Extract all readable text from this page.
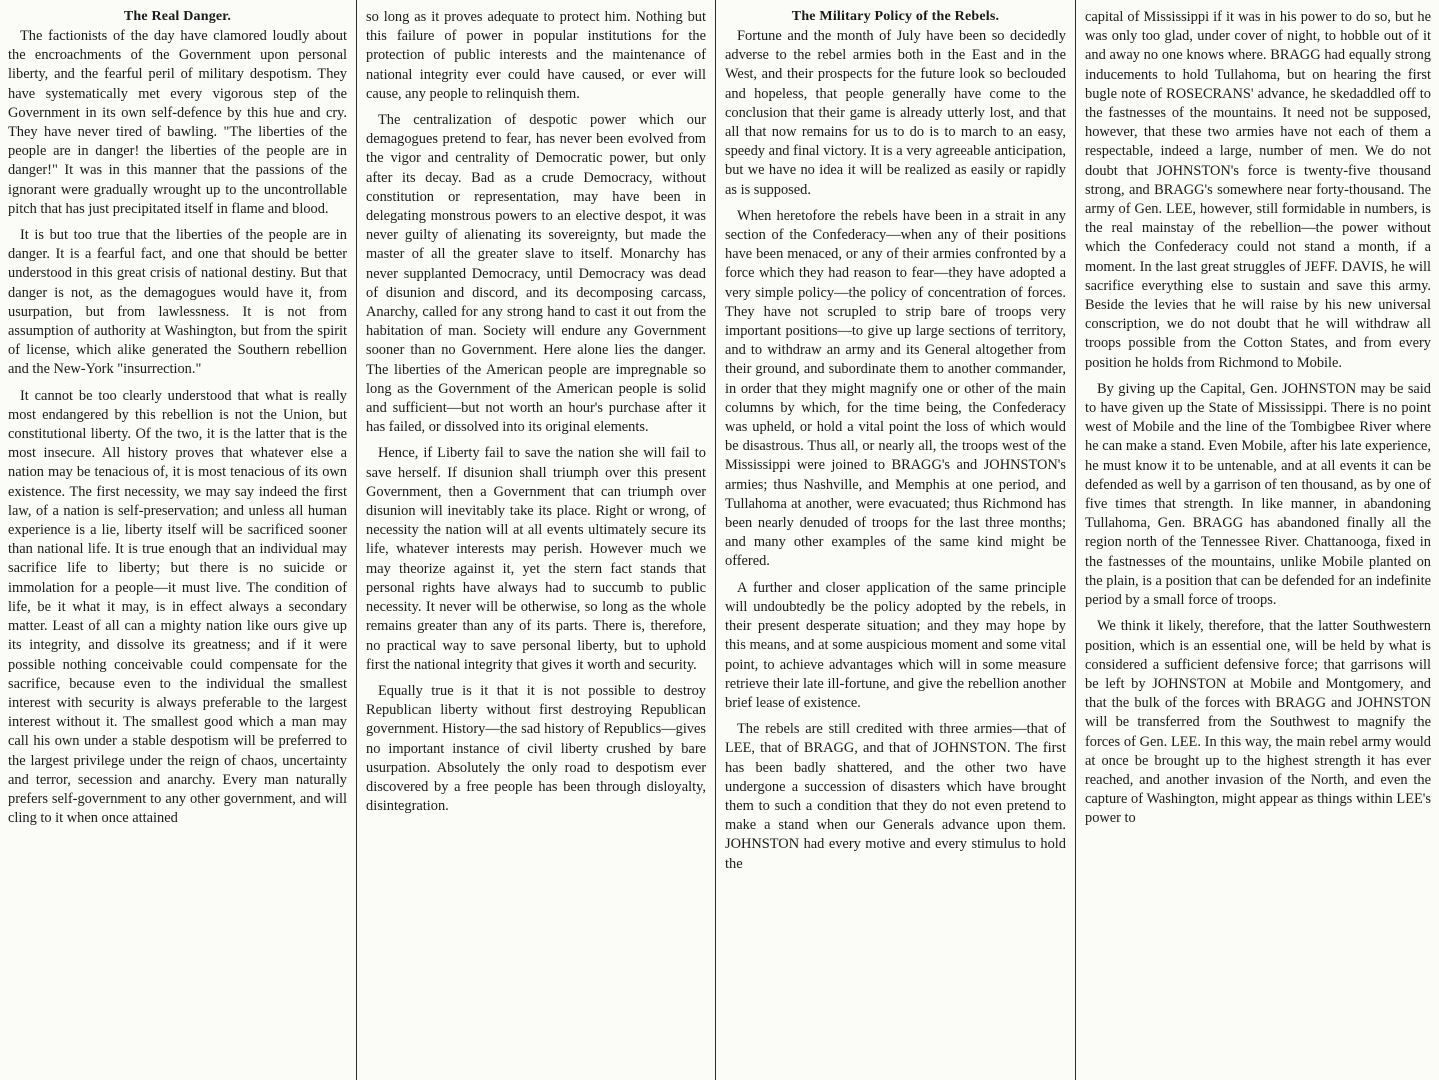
The Real Danger.

The factionists of the day have clamored loudly about the encroachments of the Government upon personal liberty, and the fearful peril of military despotism. They have systematically met every vigorous step of the Government in its own self-defence by this hue and cry. They have never tired of bawling. "The liberties of the people are in danger! the liberties of the people are in danger!" It was in this manner that the passions of the ignorant were gradually wrought up to the uncontrollable pitch that has just precipitated itself in flame and blood.

It is but too true that the liberties of the people are in danger. It is a fearful fact, and one that should be better understood in this great crisis of national destiny. But that danger is not, as the demagogues would have it, from usurpation, but from lawlessness. It is not from assumption of authority at Washington, but from the spirit of license, which alike generated the Southern rebellion and the New-York "insurrection."

It cannot be too clearly understood that what is really most endangered by this rebellion is not the Union, but constitutional liberty. Of the two, it is the latter that is the most insecure. All history proves that whatever else a nation may be tenacious of, it is most tenacious of its own existence. The first necessity, we may say indeed the first law, of a nation is self-preservation; and unless all human experience is a lie, liberty itself will be sacrificed sooner than national life. It is true enough that an individual may sacrifice life to liberty; but there is no suicide or immolation for a people—it must live. The condition of life, be it what it may, is in effect always a secondary matter. Least of all can a mighty nation like ours give up its integrity, and dissolve its greatness; and if it were possible nothing conceivable could compensate for the sacrifice, because even to the individual the smallest interest with security is always preferable to the largest interest without it. The smallest good which a man may call his own under a stable despotism will be preferred to the largest privilege under the reign of chaos, uncertainty and terror, secession and anarchy. Every man naturally prefers self-government to any other government, and will cling to it when once attained

so long as it proves adequate to protect him. Nothing but this failure of power in popular institutions for the protection of public interests and the maintenance of national integrity ever could have caused, or ever will cause, any people to relinquish them.

The centralization of despotic power which our demagogues pretend to fear, has never been evolved from the vigor and centrality of Democratic power, but only after its decay. Bad as a crude Democracy, without constitution or representation, may have been in delegating monstrous powers to an elective despot, it was never guilty of alienating its sovereignty, but made the master of all the greater slave to itself. Monarchy has never supplanted Democracy, until Democracy was dead of disunion and discord, and its decomposing carcass, Anarchy, called for any strong hand to cast it out from the habitation of man. Society will endure any Government sooner than no Government. Here alone lies the danger. The liberties of the American people are impregnable so long as the Government of the American people is solid and sufficient—but not worth an hour's purchase after it has failed, or dissolved into its original elements.

Hence, if Liberty fail to save the nation she will fail to save herself. If disunion shall triumph over this present Government, then a Government that can triumph over disunion will inevitably take its place. Right or wrong, of necessity the nation will at all events ultimately secure its life, whatever interests may perish. However much we may theorize against it, yet the stern fact stands that personal rights have always had to succumb to public necessity. It never will be otherwise, so long as the whole remains greater than any of its parts. There is, therefore, no practical way to save personal liberty, but to uphold first the national integrity that gives it worth and security.

Equally true is it that it is not possible to destroy Republican liberty without first destroying Republican government. History—the sad history of Republics—gives no important instance of civil liberty crushed by bare usurpation. Absolutely the only road to despotism ever discovered by a free people has been through disloyalty, disintegration.

The Military Policy of the Rebels.

Fortune and the month of July have been so decidedly adverse to the rebel armies both in the East and in the West, and their prospects for the future look so beclouded and hopeless, that people generally have come to the conclusion that their game is already utterly lost, and that all that now remains for us to do is to march to an easy, speedy and final victory. It is a very agreeable anticipation, but we have no idea it will be realized as easily or rapidly as is supposed.

When heretofore the rebels have been in a strait in any section of the Confederacy—when any of their positions have been menaced, or any of their armies confronted by a force which they had reason to fear—they have adopted a very simple policy—the policy of concentration of forces. They have not scrupled to strip bare of troops very important positions—to give up large sections of territory, and to withdraw an army and its General altogether from their ground, and subordinate them to another commander, in order that they might magnify one or other of the main columns by which, for the time being, the Confederacy was upheld, or hold a vital point the loss of which would be disastrous. Thus all, or nearly all, the troops west of the Mississippi were joined to BRAGG's and JOHNSTON's armies; thus Nashville, and Memphis at one period, and Tullahoma at another, were evacuated; thus Richmond has been nearly denuded of troops for the last three months; and many other examples of the same kind might be offered.

A further and closer application of the same principle will undoubtedly be the policy adopted by the rebels, in their present desperate situation; and they may hope by this means, and at some auspicious moment and some vital point, to achieve advantages which will in some measure retrieve their late ill-fortune, and give the rebellion another brief lease of existence.

The rebels are still credited with three armies—that of LEE, that of BRAGG, and that of JOHNSTON. The first has been badly shattered, and the other two have undergone a succession of disasters which have brought them to such a condition that they do not even pretend to make a stand when our Generals advance upon them. JOHNSTON had every motive and every stimulus to hold the

capital of Mississippi if it was in his power to do so, but he was only too glad, under cover of night, to hobble out of it and away no one knows where. BRAGG had equally strong inducements to hold Tullahoma, but on hearing the first bugle note of ROSECRANS' advance, he skedaddled off to the fastnesses of the mountains. It need not be supposed, however, that these two armies have not each of them a respectable, indeed a large, number of men. We do not doubt that JOHNSTON's force is twenty-five thousand strong, and BRAGG's somewhere near forty-thousand. The army of Gen. LEE, however, still formidable in numbers, is the real mainstay of the rebellion—the power without which the Confederacy could not stand a month, if a moment. In the last great struggles of JEFF. DAVIS, he will sacrifice everything else to sustain and save this army. Beside the levies that he will raise by his new universal conscription, we do not doubt that he will withdraw all troops possible from the Cotton States, and from every position he holds from Richmond to Mobile.

By giving up the Capital, Gen. JOHNSTON may be said to have given up the State of Mississippi. There is no point west of Mobile and the line of the Tombigbee River where he can make a stand. Even Mobile, after his late experience, he must know it to be untenable, and at all events it can be defended as well by a garrison of ten thousand, as by one of five times that strength. In like manner, in abandoning Tullahoma, Gen. BRAGG has abandoned finally all the region north of the Tennessee River. Chattanooga, fixed in the fastnesses of the mountains, unlike Mobile planted on the plain, is a position that can be defended for an indefinite period by a small force of troops.

We think it likely, therefore, that the latter Southwestern position, which is an essential one, will be held by what is considered a sufficient defensive force; that garrisons will be left by JOHNSTON at Mobile and Montgomery, and that the bulk of the forces with BRAGG and JOHNSTON will be transferred from the Southwest to magnify the forces of Gen. LEE. In this way, the main rebel army would at once be brought up to the highest strength it has ever reached, and another invasion of the North, and even the capture of Washington, might appear as things within LEE's power to
